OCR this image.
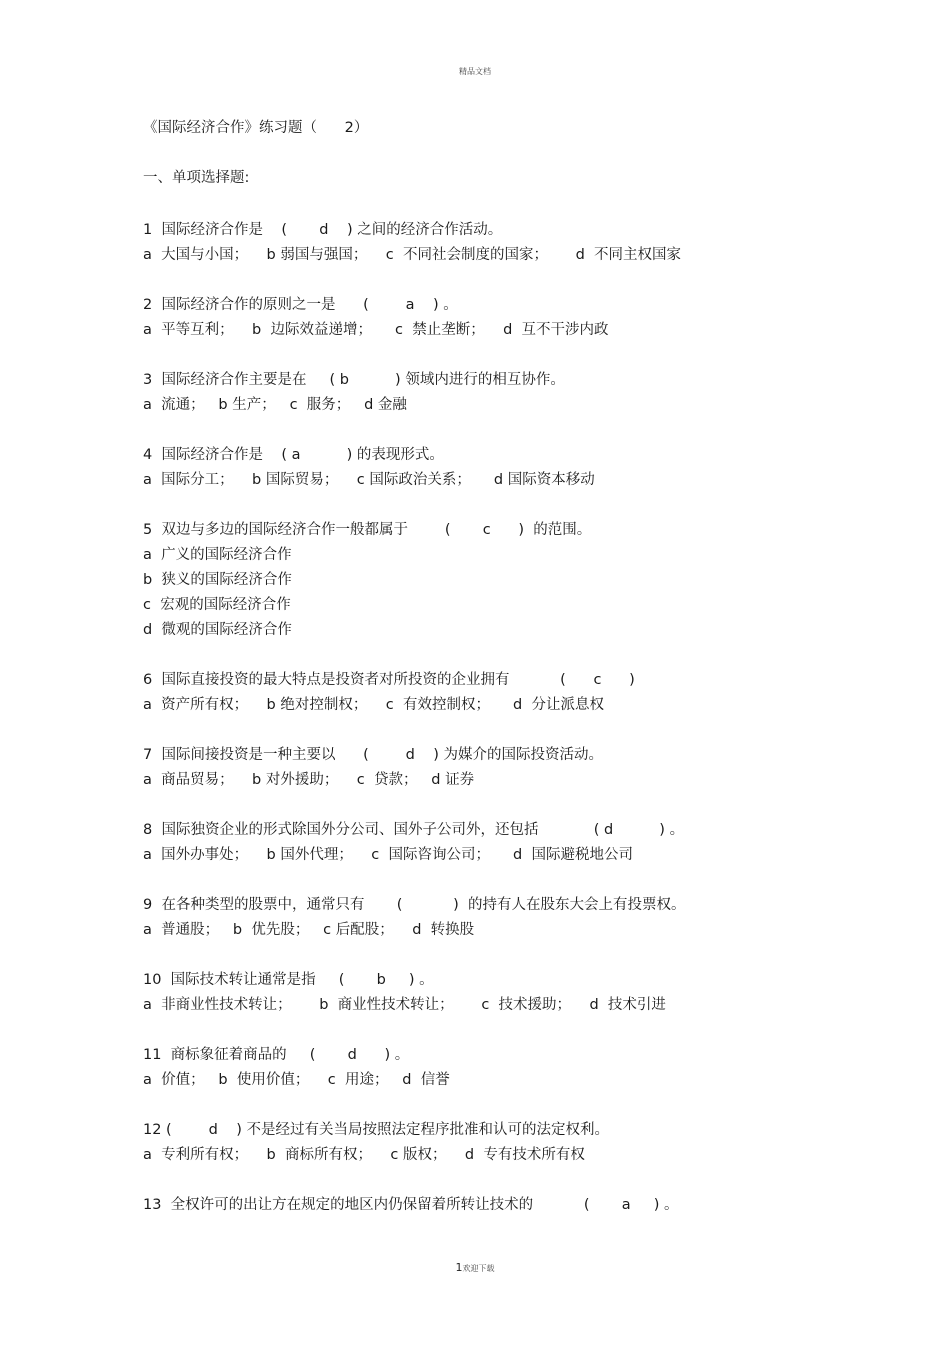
精品文档
《国际经济合作》练习题（      2）
一、单项选择题:
1  国际经济合作是    (       d    ) 之间的经济合作活动。
a  大国与小国；    b 弱国与强国；    c  不同社会制度的国家；      d  不同主权国家
2  国际经济合作的原则之一是      (        a    ) 。
a  平等互利；    b  边际效益递增；     c  禁止垄断；    d  互不干涉内政
3  国际经济合作主要是在     ( b          ) 领域内进行的相互协作。
a  流通；   b 生产；   c  服务；   d 金融
4  国际经济合作是    ( a          ) 的表现形式。
a  国际分工；    b 国际贸易；    c 国际政治关系；     d 国际资本移动
5  双边与多边的国际经济合作一般都属于        (       c      )  的范围。
a  广义的国际经济合作
b  狭义的国际经济合作
c  宏观的国际经济合作
d  微观的国际经济合作
6  国际直接投资的最大特点是投资者对所投资的企业拥有           (      c      )
a  资产所有权；    b 绝对控制权；    c  有效控制权；     d  分让派息权
7  国际间接投资是一种主要以      (        d    ) 为媒介的国际投资活动。
a  商品贸易；    b 对外援助；    c  贷款；   d 证券
8  国际独资企业的形式除国外分公司、国外子公司外，还包括            ( d          ) 。
a  国外办事处；    b 国外代理；    c  国际咨询公司；     d  国际避税地公司
9  在各种类型的股票中，通常只有       (           )  的持有人在股东大会上有投票权。
a  普通股；   b  优先股；   c 后配股；    d  转换股
10  国际技术转让通常是指     (       b     ) 。
a  非商业性技术转让；      b  商业性技术转让；      c  技术援助；    d  技术引进
11  商标象征着商品的     (       d      ) 。
a  价值；   b  使用价值；    c  用途；   d  信誉
12 (        d    ) 不是经过有关当局按照法定程序批准和认可的法定权利。
a  专利所有权；    b  商标所有权；    c 版权；    d  专有技术所有权
13  全权许可的出让方在规定的地区内仍保留着所转让技术的           (       a     ) 。
1欢迎下载
